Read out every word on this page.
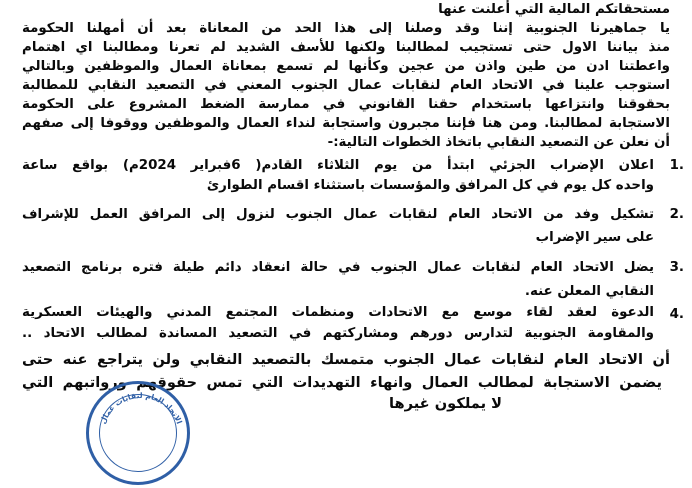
مستحقاتكم المالية التي أعلنت عنها
يا جماهيرنا الجنوبية إننا وقد وصلنا إلى هذا الحد من المعاناة بعد أن أمهلنا الحكومة
منذ بياننا الاول حتى تستجيب لمطالبنا ولكنها للأسف الشديد لم تعرنا ومطالبنا اي اهتمام
واعطتنا ادن من طين واذن من عجين وكأنها لم تسمع بمعاناة العمال والموظفين وبالتالي
استوجب علينا في الاتحاد العام لنقابات عمال الجنوب المعني في التصعيد النقابي للمطالبة
بحقوقنا وانتزاعها باستخدام حقنا القانوني في ممارسة الضغط المشروع على الحكومة
الاستجابة لمطالبنا. ومن هنا فإننا مجبرون واستجابة لنداء العمال والموظفين ووقوفا إلى صفهم
أن نعلن عن التصعيد النقابي باتخاذ الخطوات التالية:-
1.
اعلان الإضراب الجزئي ابتدأ من يوم الثلاثاء القادم( 6فبراير 2024م) بواقع ساعة
واحده كل يوم في كل المرافق والمؤسسات باستثناء اقسام الطوارئ
2.
تشكيل وفد من الاتحاد العام لنقابات عمال الجنوب لنزول إلى المرافق العمل للإشراف
على سير الإضراب
3.
يضل الاتحاد العام لنقابات عمال الجنوب في حالة انعقاد دائم طيلة فتره برنامج التصعيد
النقابي المعلن عنه.
4.
الدعوة لعقد لقاء موسع مع الاتحادات ومنظمات المجتمع المدني والهيئات العسكرية
والمقاومة الجنوبية لتدارس دورهم ومشاركتهم في التصعيد المساندة لمطالب الاتحاد ..
أن الاتحاد العام لنقابات عمال الجنوب متمسك بالتصعيد النقابي ولن يتراجع عنه حتى
يضمن الاستجابة لمطالب العمال وانهاء التهديدات التي تمس حقوقهم ورواتبهم التي
لا يملكون غيرها
الاتحاد العام لنقابات عمال
